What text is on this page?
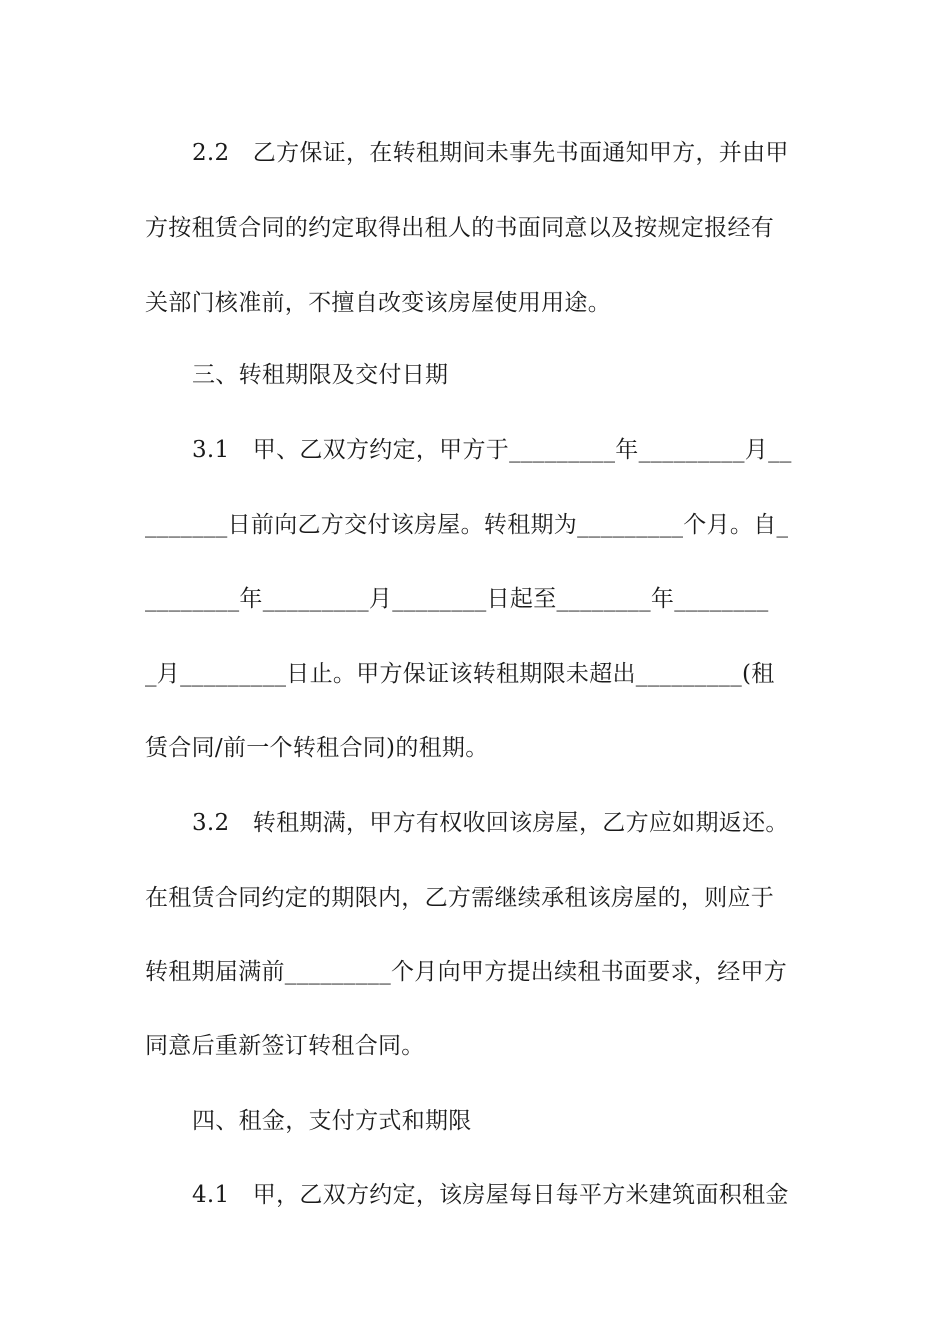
2.2　乙方保证，在转租期间未事先书面通知甲方，并由甲
方按租赁合同的约定取得出租人的书面同意以及按规定报经有
关部门核准前，不擅自改变该房屋使用用途。
三、转租期限及交付日期
3.1　甲、乙双方约定，甲方于_________年_________月__
_______日前向乙方交付该房屋。转租期为_________个月。自_
________年_________月________日起至________年________
_月_________日止。甲方保证该转租期限未超出_________(租
赁合同/前一个转租合同)的租期。
3.2　转租期满，甲方有权收回该房屋，乙方应如期返还。
在租赁合同约定的期限内，乙方需继续承租该房屋的，则应于
转租期届满前_________个月向甲方提出续租书面要求，经甲方
同意后重新签订转租合同。
四、租金，支付方式和期限
4.1　甲，乙双方约定，该房屋每日每平方米建筑面积租金
